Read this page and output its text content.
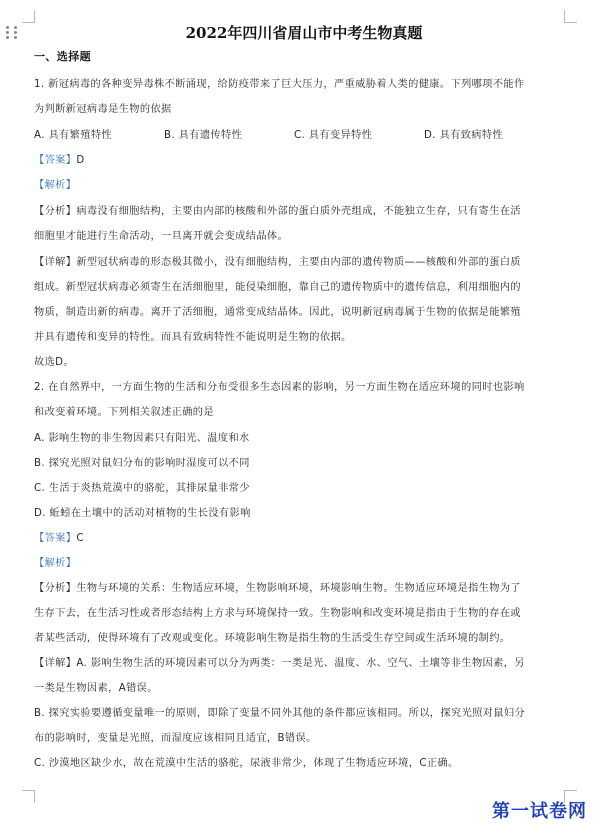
2022年四川省眉山市中考生物真题
一、选择题
1. 新冠病毒的各种变异毒株不断涌现，给防疫带来了巨大压力，严重威胁着人类的健康。下列哪项不能作
为判断新冠病毒是生物的依据
A. 具有繁殖特性	B. 具有遗传特性	C. 具有变异特性	D. 具有致病特性
【答案】D
【解析】
【分析】病毒没有细胞结构，主要由内部的核酸和外部的蛋白质外壳组成，不能独立生存，只有寄生在活
细胞里才能进行生命活动，一旦离开就会变成结晶体。
【详解】新型冠状病毒的形态极其微小，没有细胞结构，主要由内部的遗传物质——核酸和外部的蛋白质
组成。新型冠状病毒必须寄生在活细胞里，能侵染细胞，靠自己的遗传物质中的遗传信息，利用细胞内的
物质，制造出新的病毒。离开了活细胞，通常变成结晶体。因此，说明新冠病毒属于生物的依据是能繁殖
并具有遗传和变异的特性。而具有致病特性不能说明是生物的依据。
故选D。
2. 在自然界中，一方面生物的生活和分布受很多生态因素的影响，另一方面生物在适应环境的同时也影响
和改变着环境。下列相关叙述正确的是
A. 影响生物的非生物因素只有阳光、温度和水
B. 探究光照对鼠妇分布的影响时湿度可以不同
C. 生活于炎热荒漠中的骆驼，其排尿量非常少
D. 蚯蚓在土壤中的活动对植物的生长没有影响
【答案】C
【解析】
【分析】生物与环境的关系：生物适应环境，生物影响环境，环境影响生物。生物适应环境是指生物为了
生存下去，在生活习性或者形态结构上方求与环境保持一致。生物影响和改变环境是指由于生物的存在或
者某些活动，使得环境有了改观或变化。环境影响生物是指生物的生活受生存空间或生活环境的制约。
【详解】A. 影响生物生活的环境因素可以分为两类：一类是光、温度、水、空气、土壤等非生物因素，另
一类是生物因素，A错误。
B. 探究实验要遵循变量唯一的原则，即除了变量不同外其他的条件都应该相同。所以，探究光照对鼠妇分
布的影响时，变量是光照，而湿度应该相同且适宜，B错误。
C. 沙漠地区缺少水，故在荒漠中生活的骆驼，尿液非常少，体现了生物适应环境，C正确。
第一试卷网
